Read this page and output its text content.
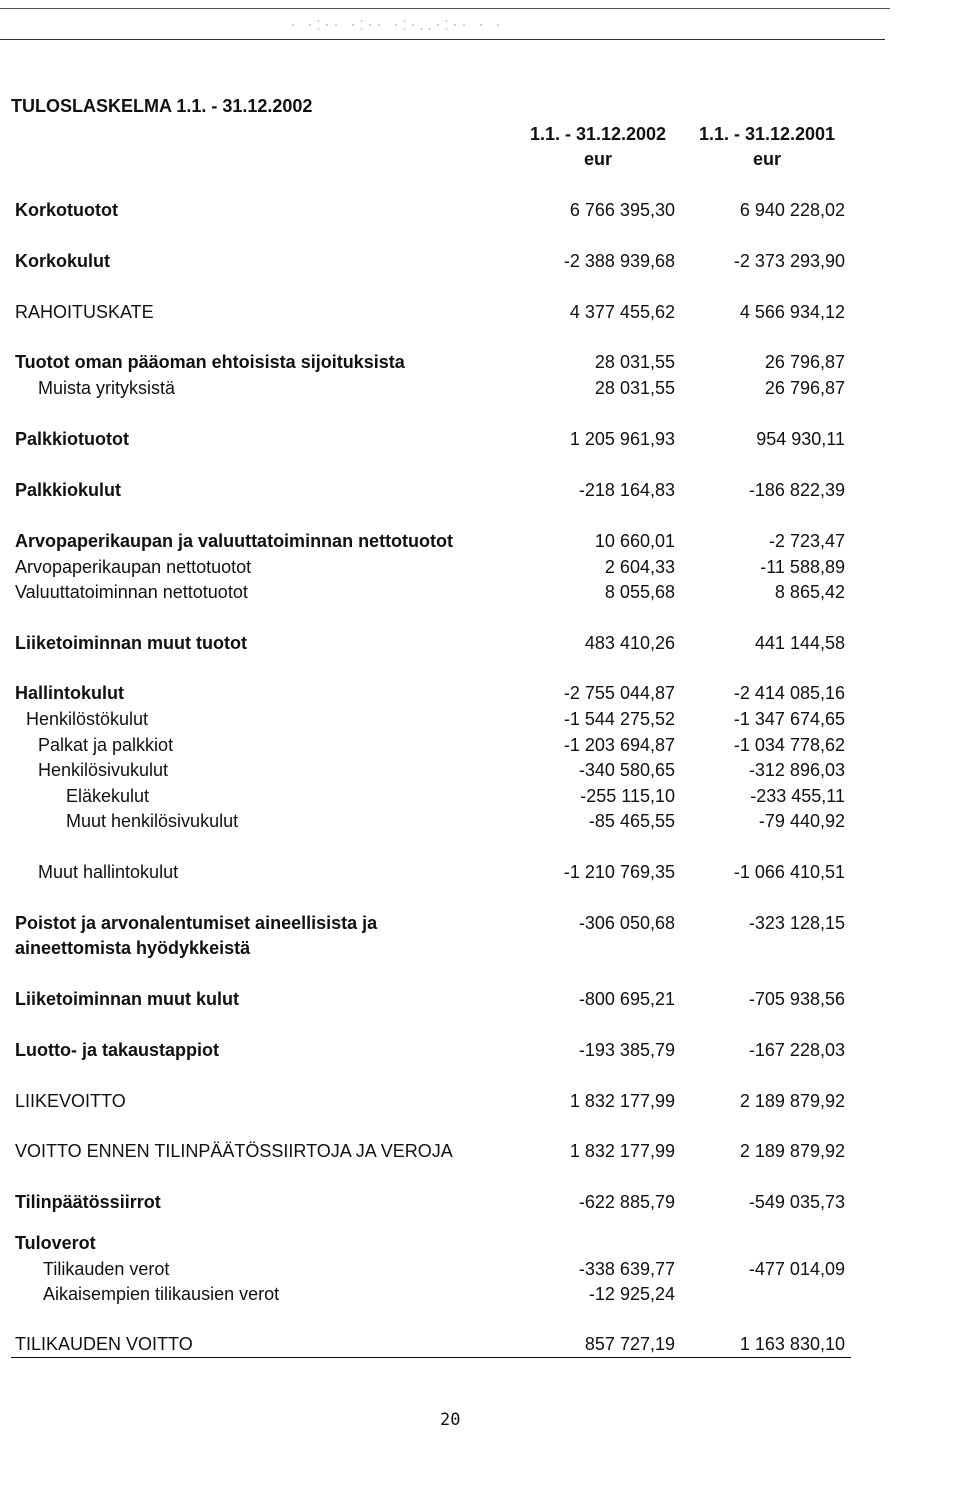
· ·:·· ·:·· ·:·..·:·· · ·
TULOSLASKELMA 1.1. - 31.12.2002
1.1. - 31.12.2002
eur
1.1. - 31.12.2001
eur
Korkotuotot	6 766 395,30	6 940 228,02
Korkokulut	-2 388 939,68	-2 373 293,90
RAHOITUSKATE	4 377 455,62	4 566 934,12
Tuotot oman pääoman ehtoisista sijoituksista	28 031,55	26 796,87
Muista yrityksistä	28 031,55	26 796,87
Palkkiotuotot	1 205 961,93	954 930,11
Palkkiokulut	-218 164,83	-186 822,39
Arvopaperikaupan ja valuuttatoiminnan nettotuotot	10 660,01	-2 723,47
Arvopaperikaupan nettotuotot	2 604,33	-11 588,89
Valuuttatoiminnan nettotuotot	8 055,68	8 865,42
Liiketoiminnan muut tuotot	483 410,26	441 144,58
Hallintokulut	-2 755 044,87	-2 414 085,16
Henkilöstökulut	-1 544 275,52	-1 347 674,65
Palkat ja palkkiot	-1 203 694,87	-1 034 778,62
Henkilösivukulut	-340 580,65	-312 896,03
Eläkekulut	-255 115,10	-233 455,11
Muut henkilösivukulut	-85 465,55	-79 440,92
Muut hallintokulut	-1 210 769,35	-1 066 410,51
Poistot ja arvonalentumiset aineellisista ja	-306 050,68	-323 128,15
aineettomista hyödykkeistä
Liiketoiminnan muut kulut	-800 695,21	-705 938,56
Luotto- ja takaustappiot	-193 385,79	-167 228,03
LIIKEVOITTO	1 832 177,99	2 189 879,92
VOITTO ENNEN TILINPÄÄTÖSSIIRTOJA JA VEROJA	1 832 177,99	2 189 879,92
Tilinpäätössiirrot	-622 885,79	-549 035,73
Tuloverot
Tilikauden verot	-338 639,77	-477 014,09
Aikaisempien tilikausien verot	-12 925,24
TILIKAUDEN VOITTO	857 727,19	1 163 830,10
20
